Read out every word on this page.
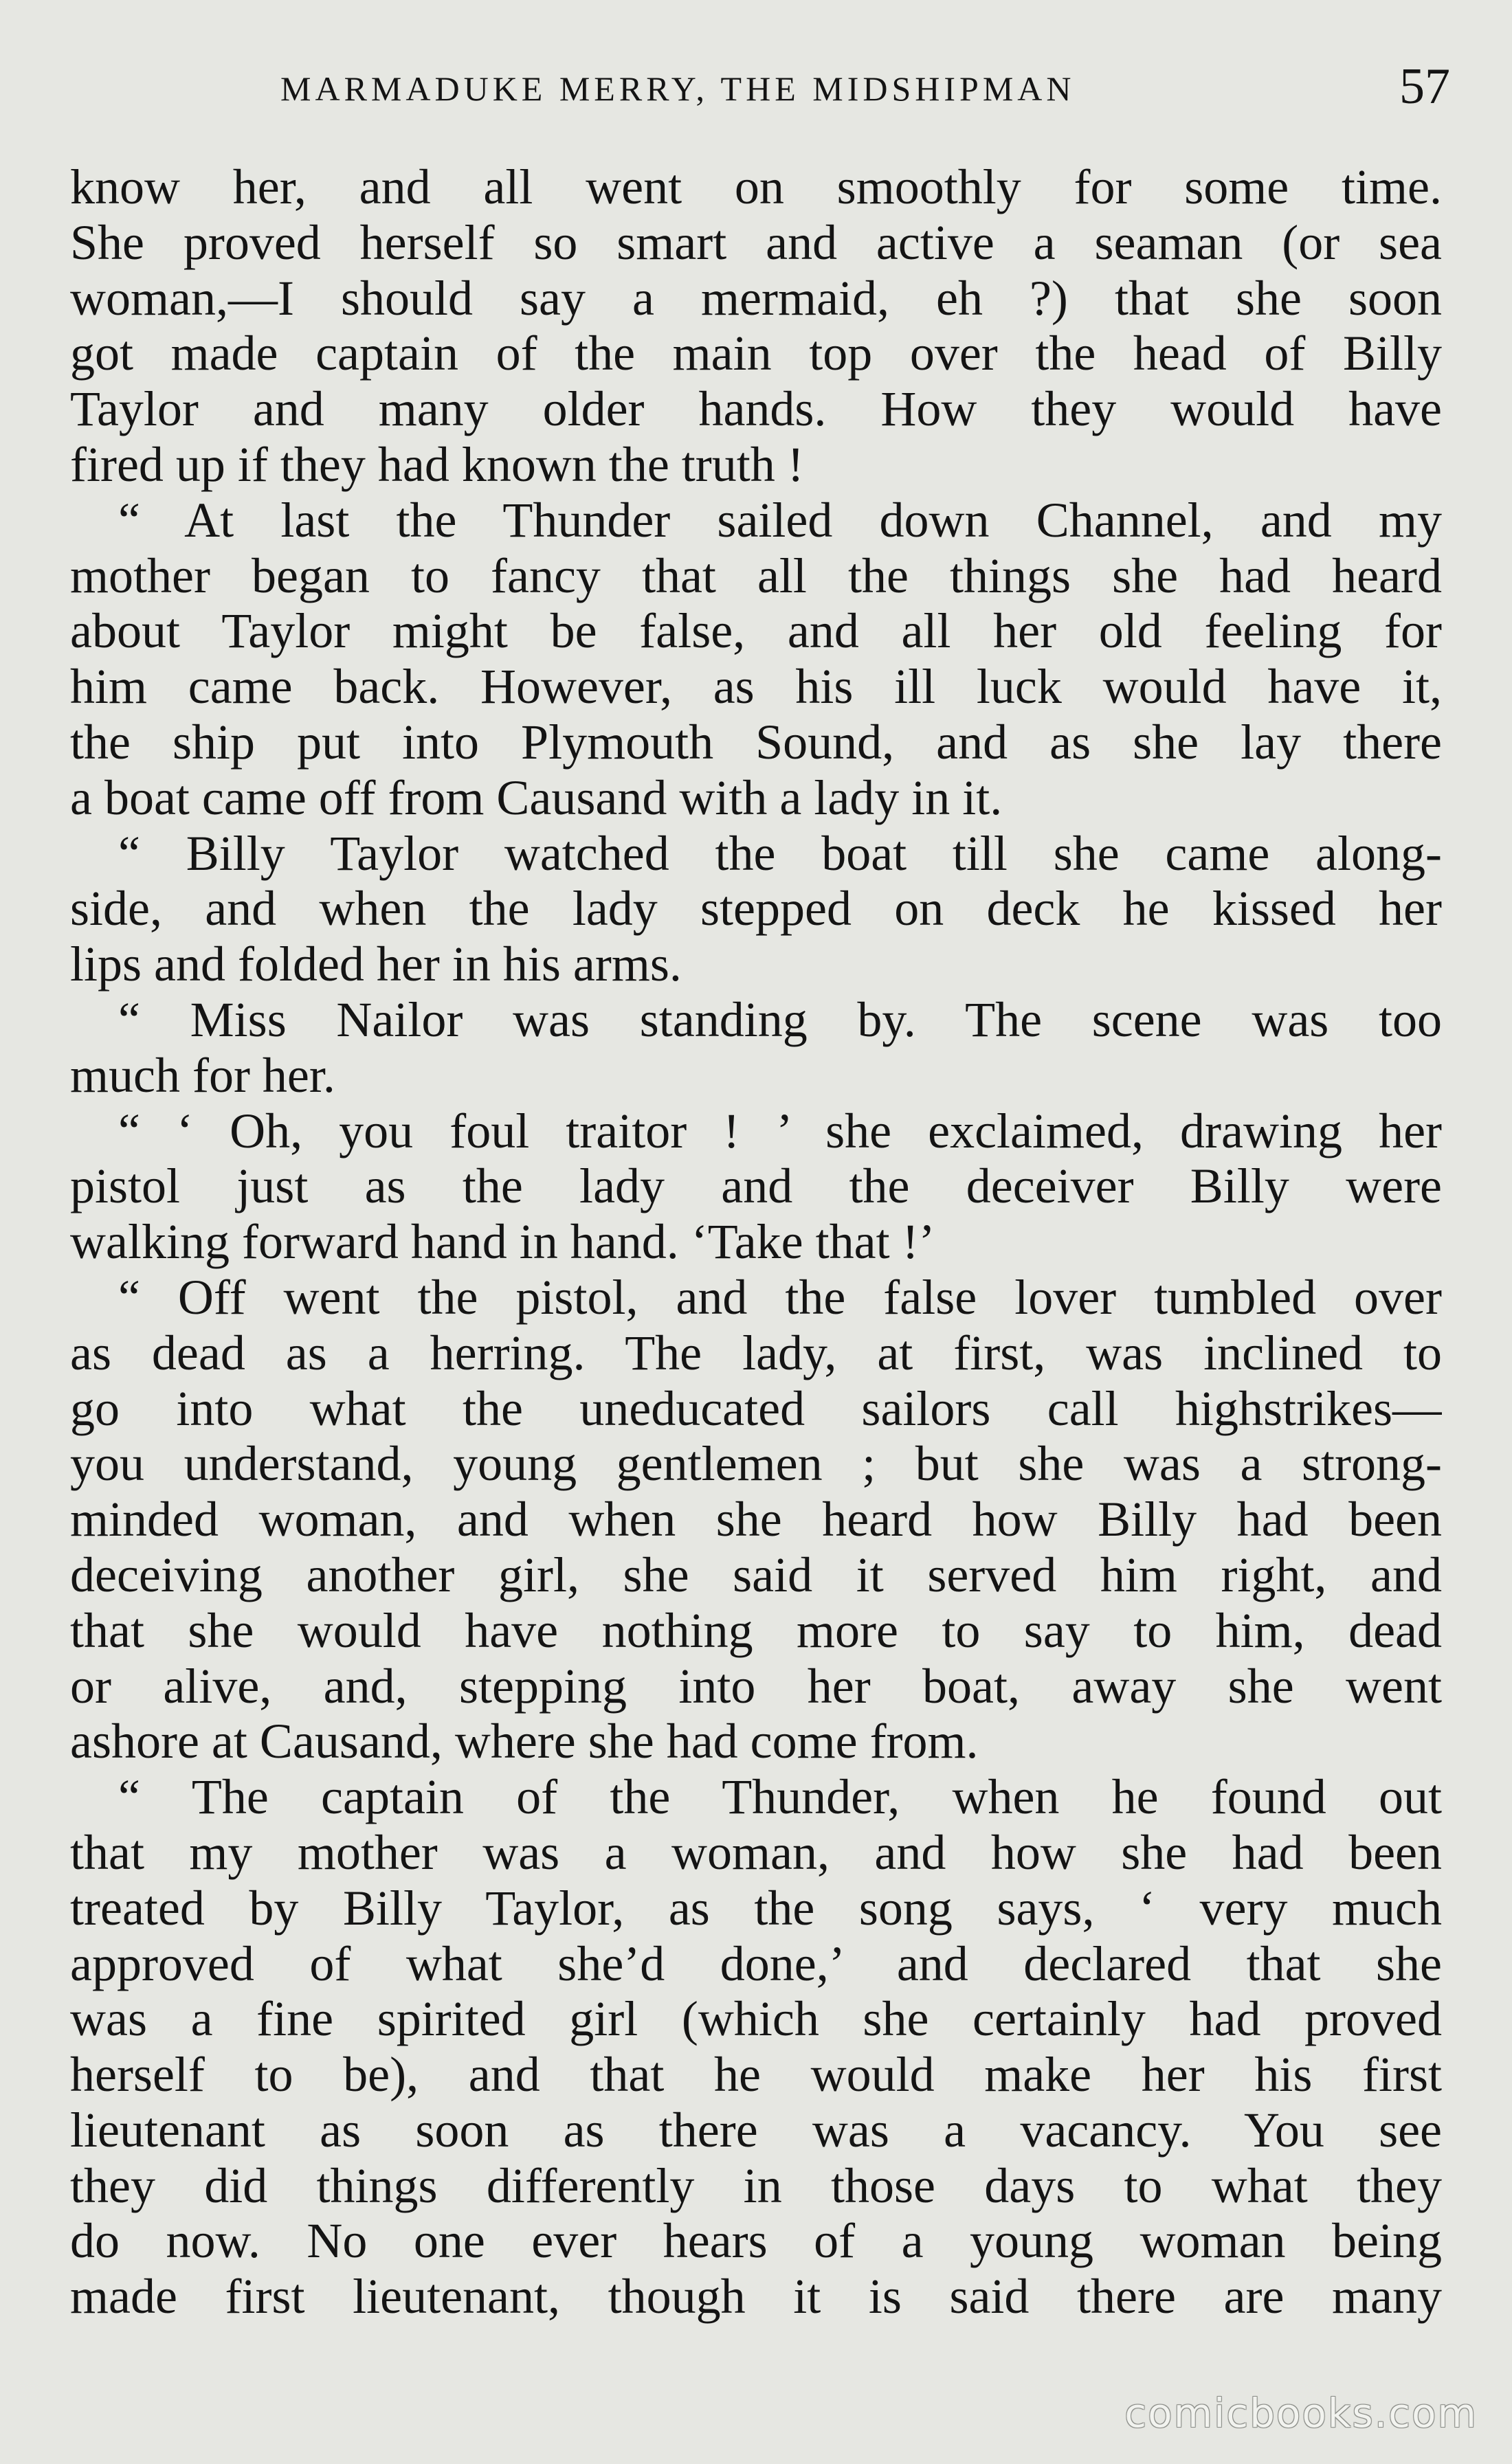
MARMADUKE MERRY, THE MIDSHIPMAN	57
know her, and all went on smoothly for some time.
She proved herself so smart and active a seaman (or sea
woman,—I should say a mermaid, eh ?) that she soon
got made captain of the main top over the head of Billy
Taylor and many older hands. How they would have
fired up if they had known the truth !
“ At last the Thunder sailed down Channel, and my
mother began to fancy that all the things she had heard
about Taylor might be false, and all her old feeling for
him came back. However, as his ill luck would have it,
the ship put into Plymouth Sound, and as she lay there
a boat came off from Causand with a lady in it.
“ Billy Taylor watched the boat till she came along-
side, and when the lady stepped on deck he kissed her
lips and folded her in his arms.
“ Miss Nailor was standing by. The scene was too
much for her.
“ ‘ Oh, you foul traitor ! ’ she exclaimed, drawing her
pistol just as the lady and the deceiver Billy were
walking forward hand in hand. ‘Take that !’
“ Off went the pistol, and the false lover tumbled over
as dead as a herring. The lady, at first, was inclined to
go into what the uneducated sailors call highstrikes—
you understand, young gentlemen ; but she was a strong-
minded woman, and when she heard how Billy had been
deceiving another girl, she said it served him right, and
that she would have nothing more to say to him, dead
or alive, and, stepping into her boat, away she went
ashore at Causand, where she had come from.
“ The captain of the Thunder, when he found out
that my mother was a woman, and how she had been
treated by Billy Taylor, as the song says, ‘ very much
approved of what she’d done,’ and declared that she
was a fine spirited girl (which she certainly had proved
herself to be), and that he would make her his first
lieutenant as soon as there was a vacancy. You see
they did things differently in those days to what they
do now. No one ever hears of a young woman being
made first lieutenant, though it is said there are many
comicbooks.com
